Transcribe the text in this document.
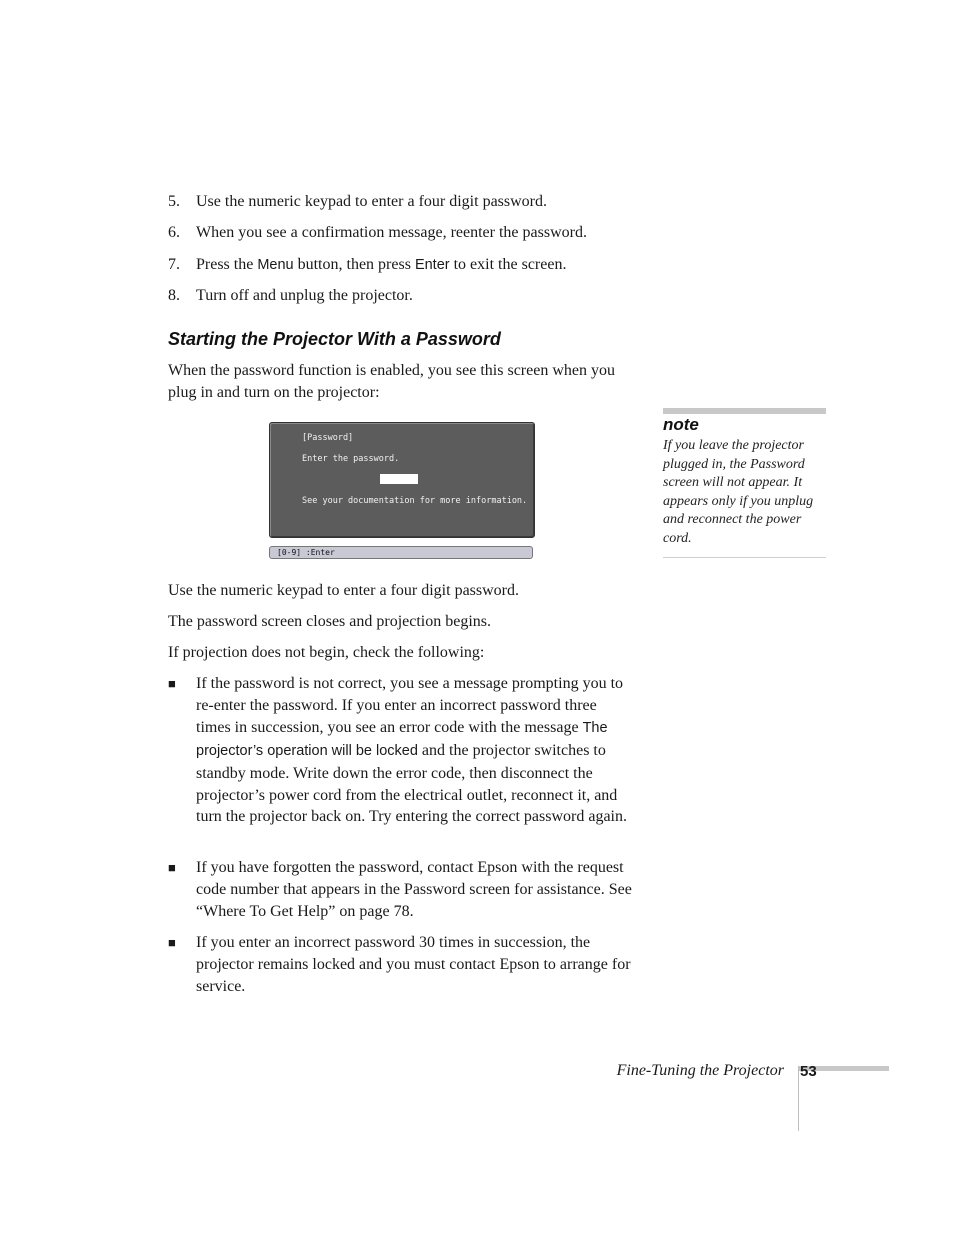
5. Use the numeric keypad to enter a four digit password.
6. When you see a confirmation message, reenter the password.
7. Press the Menu button, then press Enter to exit the screen.
8. Turn off and unplug the projector.
Starting the Projector With a Password
When the password function is enabled, you see this screen when you plug in and turn on the projector:
[Password]
Enter the password.
See your documentation for more information.
[0-9] :Enter
Use the numeric keypad to enter a four digit password.
The password screen closes and projection begins.
If projection does not begin, check the following:
■ If the password is not correct, you see a message prompting you to re-enter the password. If you enter an incorrect password three times in succession, you see an error code with the message The projector’s operation will be locked and the projector switches to standby mode. Write down the error code, then disconnect the projector’s power cord from the electrical outlet, reconnect it, and turn the projector back on. Try entering the correct password again.
■ If you have forgotten the password, contact Epson with the request code number that appears in the Password screen for assistance. See “Where To Get Help” on page 78.
■ If you enter an incorrect password 30 times in succession, the projector remains locked and you must contact Epson to arrange for service.
note
If you leave the projector plugged in, the Password screen will not appear. It appears only if you unplug and reconnect the power cord.
Fine-Tuning the Projector 53
